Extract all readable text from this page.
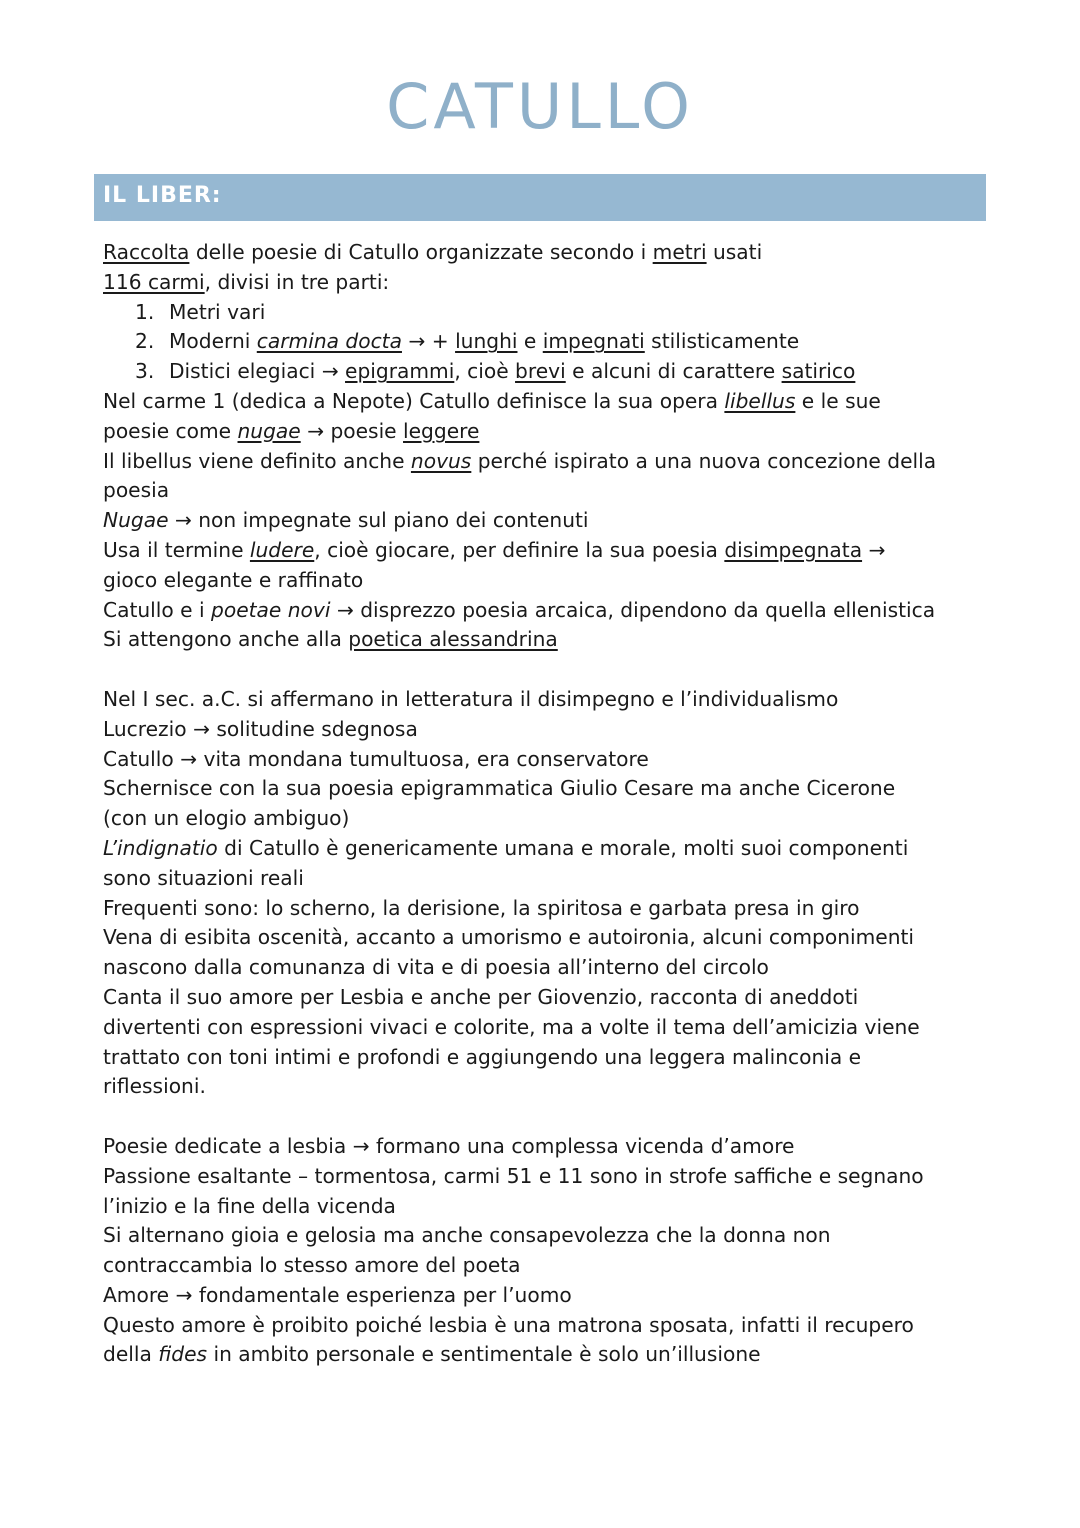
CATULLO
IL LIBER:
Raccolta delle poesie di Catullo organizzate secondo i metri usati
116 carmi, divisi in tre parti:
1. Metri vari
2. Moderni carmina docta → + lunghi e impegnati stilisticamente
3. Distici elegiaci → epigrammi, cioè brevi e alcuni di carattere satirico
Nel carme 1 (dedica a Nepote) Catullo definisce la sua opera libellus e le sue
poesie come nugae → poesie leggere
Il libellus viene definito anche novus perché ispirato a una nuova concezione della
poesia
Nugae → non impegnate sul piano dei contenuti
Usa il termine ludere, cioè giocare, per definire la sua poesia disimpegnata →
gioco elegante e raffinato
Catullo e i poetae novi → disprezzo poesia arcaica, dipendono da quella ellenistica
Si attengono anche alla poetica alessandrina
Nel I sec. a.C. si affermano in letteratura il disimpegno e l’individualismo
Lucrezio → solitudine sdegnosa
Catullo → vita mondana tumultuosa, era conservatore
Schernisce con la sua poesia epigrammatica Giulio Cesare ma anche Cicerone
(con un elogio ambiguo)
L’indignatio di Catullo è genericamente umana e morale, molti suoi componenti
sono situazioni reali
Frequenti sono: lo scherno, la derisione, la spiritosa e garbata presa in giro
Vena di esibita oscenità, accanto a umorismo e autoironia, alcuni componimenti
nascono dalla comunanza di vita e di poesia all’interno del circolo
Canta il suo amore per Lesbia e anche per Giovenzio, racconta di aneddoti
divertenti con espressioni vivaci e colorite, ma a volte il tema dell’amicizia viene
trattato con toni intimi e profondi e aggiungendo una leggera malinconia e
riflessioni.
Poesie dedicate a lesbia → formano una complessa vicenda d’amore
Passione esaltante – tormentosa, carmi 51 e 11 sono in strofe saffiche e segnano
l’inizio e la fine della vicenda
Si alternano gioia e gelosia ma anche consapevolezza che la donna non
contraccambia lo stesso amore del poeta
Amore → fondamentale esperienza per l’uomo
Questo amore è proibito poiché lesbia è una matrona sposata, infatti il recupero
della fides in ambito personale e sentimentale è solo un’illusione
